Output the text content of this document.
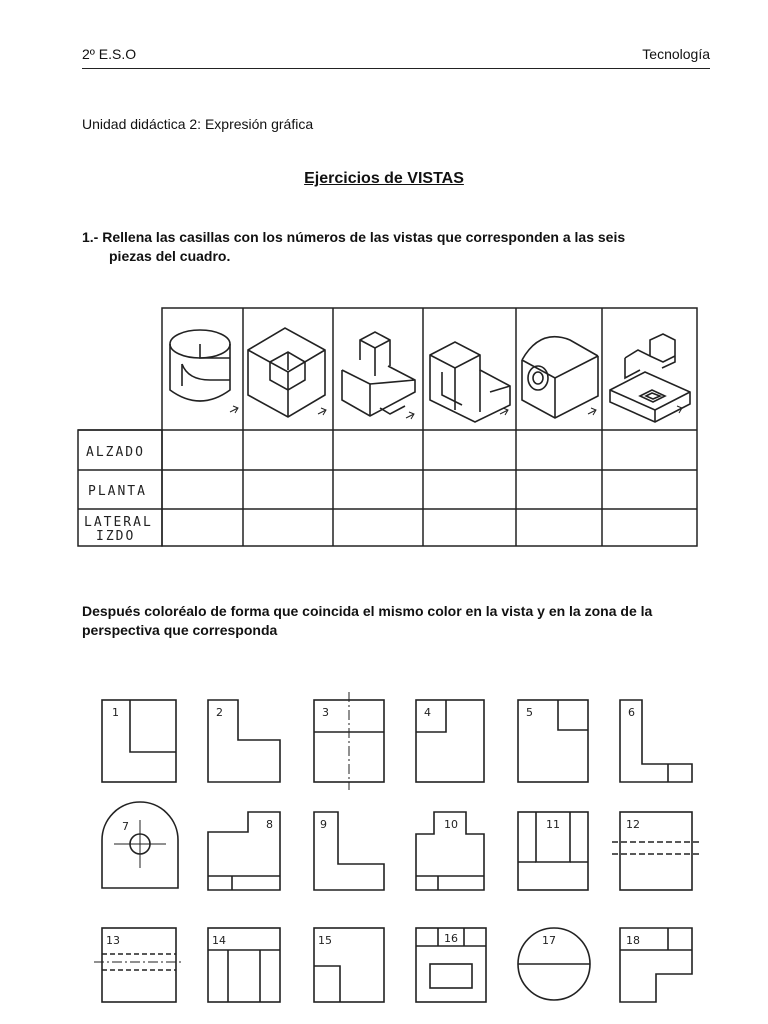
2º E.S.O	Tecnología
Unidad didáctica 2: Expresión gráfica
Ejercicios de VISTAS
1.- Rellena las casillas con los números de las vistas que corresponden a las seis
piezas del cuadro.
ALZADO
PLANTA
LATERAL
IZDO
Después coloréalo de forma que coincida el mismo color en la vista y en la zona de la perspectiva que corresponda
1	2	3	4	5	6
7	8	9	10	11	12
13	14	15	16	17	18
